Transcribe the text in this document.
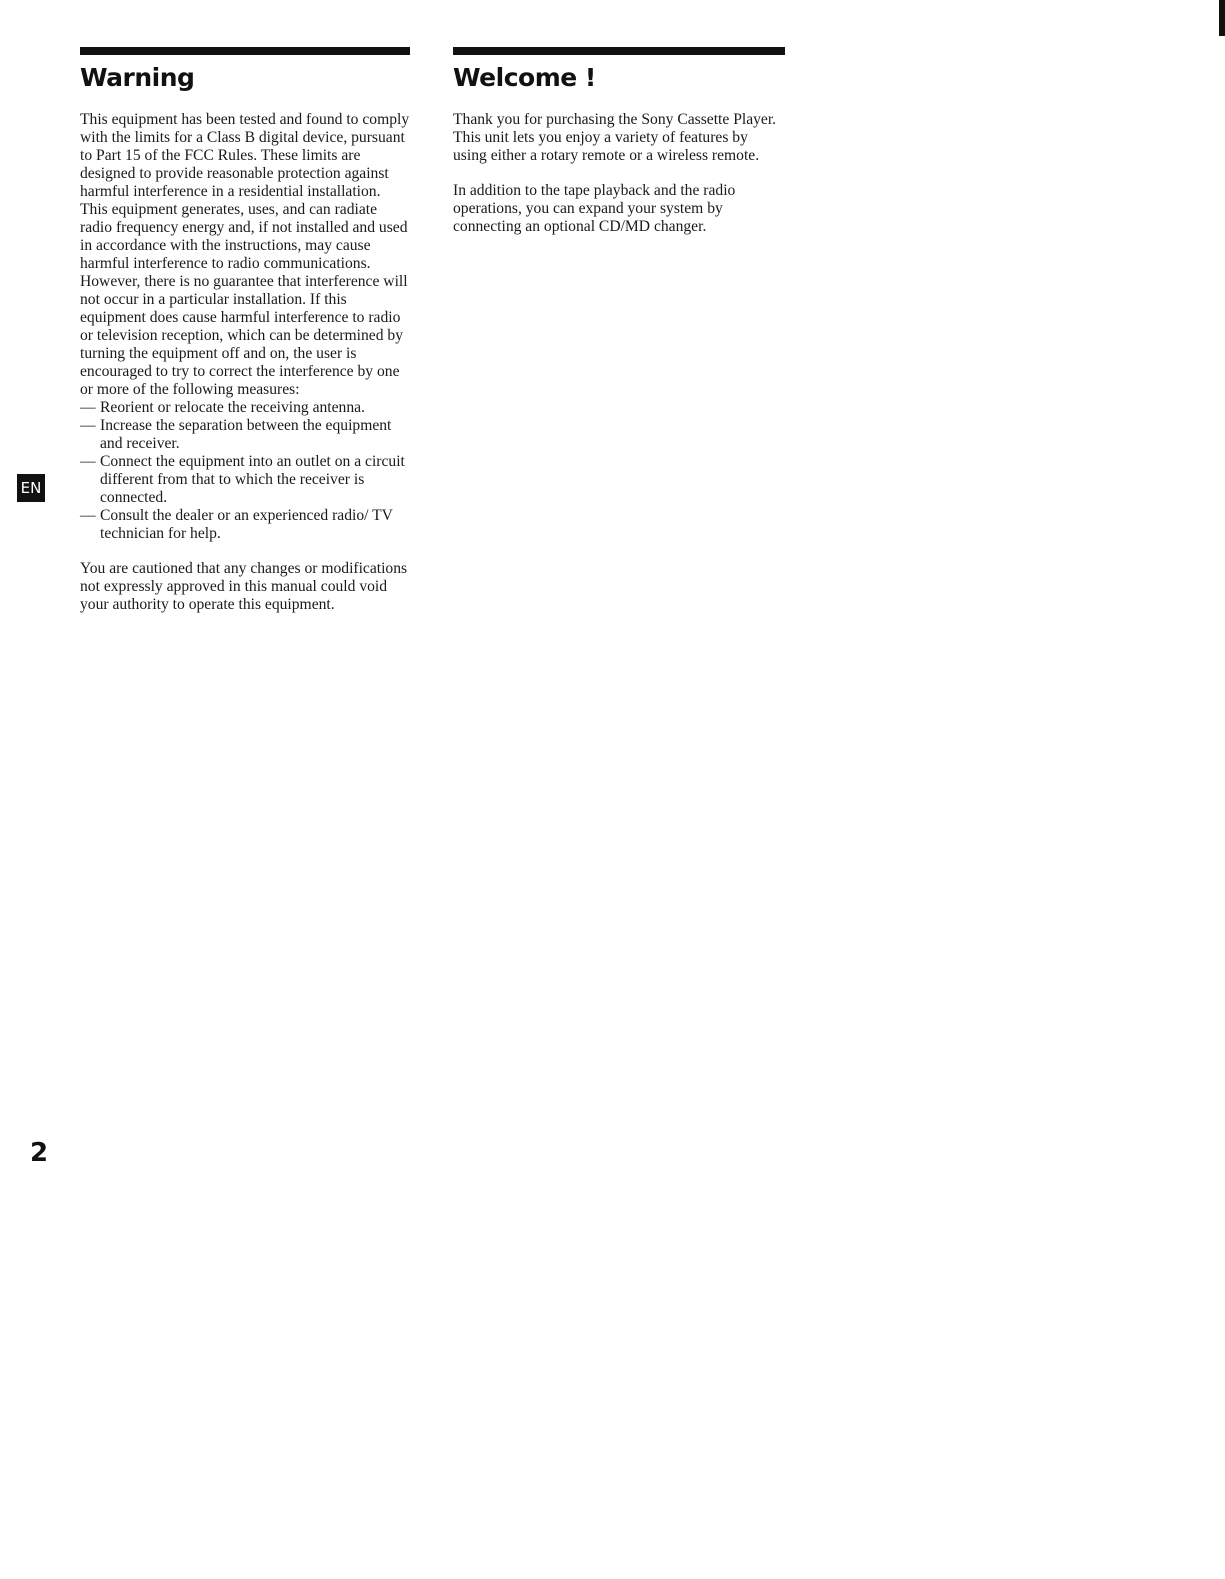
EN
Warning

This equipment has been tested and found to comply with the limits for a Class B digital device, pursuant to Part 15 of the FCC Rules. These limits are designed to provide reasonable protection against harmful interference in a residential installation. This equipment generates, uses, and can radiate radio frequency energy and, if not installed and used in accordance with the instructions, may cause harmful interference to radio communications. However, there is no guarantee that interference will not occur in a particular installation. If this equipment does cause harmful interference to radio or television reception, which can be determined by turning the equipment off and on, the user is encouraged to try to correct the interference by one or more of the following measures:

— Reorient or relocate the receiving antenna.
— Increase the separation between the equipment and receiver.
— Connect the equipment into an outlet on a circuit different from that to which the receiver is connected.
— Consult the dealer or an experienced radio/ TV technician for help.

You are cautioned that any changes or modifications not expressly approved in this manual could void your authority to operate this equipment.

Welcome !

Thank you for purchasing the Sony Cassette Player. This unit lets you enjoy a variety of features by using either a rotary remote or a wireless remote.

In addition to the tape playback and the radio operations, you can expand your system by connecting an optional CD/MD changer.

2
